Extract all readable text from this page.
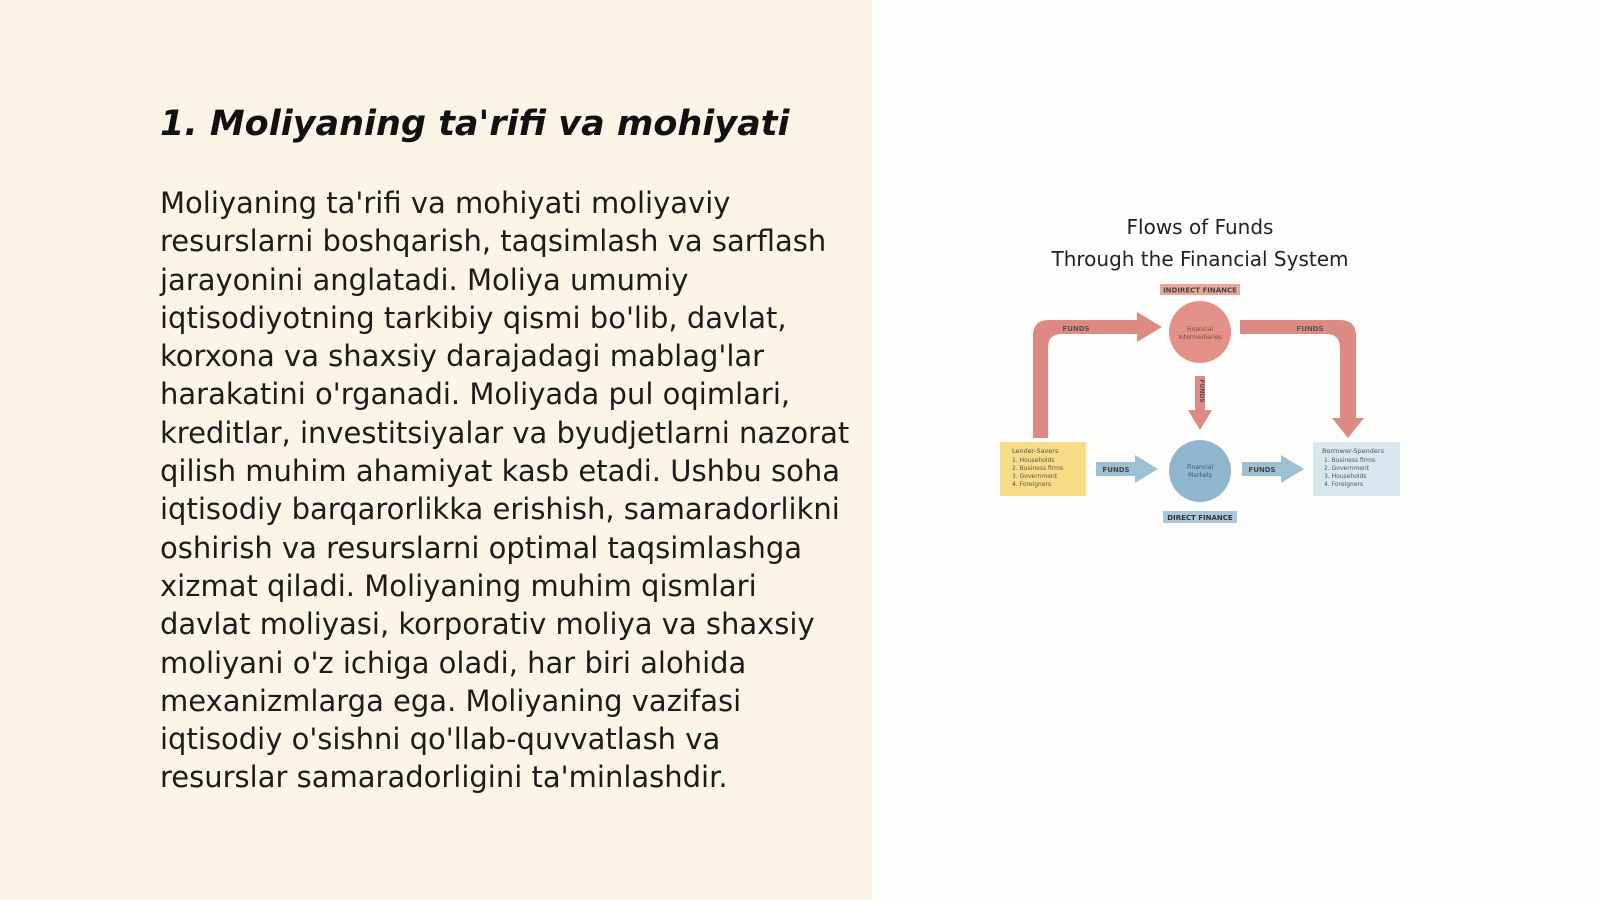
1. Moliyaning ta'rifi va mohiyati

Moliyaning ta'rifi va mohiyati moliyaviy resurslarni boshqarish, taqsimlash va sarflash jarayonini anglatadi. Moliya umumiy iqtisodiyotning tarkibiy qismi bo'lib, davlat, korxona va shaxsiy darajadagi mablag'lar harakatini o'rganadi. Moliyada pul oqimlari, kreditlar, investitsiyalar va byudjetlarni nazorat qilish muhim ahamiyat kasb etadi. Ushbu soha iqtisodiy barqarorlikka erishish, samaradorlikni oshirish va resurslarni optimal taqsimlashga xizmat qiladi. Moliyaning muhim qismlari davlat moliyasi, korporativ moliya va shaxsiy moliyani o'z ichiga oladi, har biri alohida mexanizmlarga ega. Moliyaning vazifasi iqtisodiy o'sishni qo'llab-quvvatlash va resurslar samaradorligini ta'minlashdir.

Flows of Funds
Through the Financial System
INDIRECT FINANCE
FUNDS	FUNDS
Financial
Intermediaries
FUNDS
Lender-Savers
1. Households
2. Business firms
3. Government
4. Foreigners
FUNDS	Financial
Markets
FUNDS
Borrower-Spenders
1. Business firms
2. Government
3. Households
4. Foreigners
DIRECT FINANCE
